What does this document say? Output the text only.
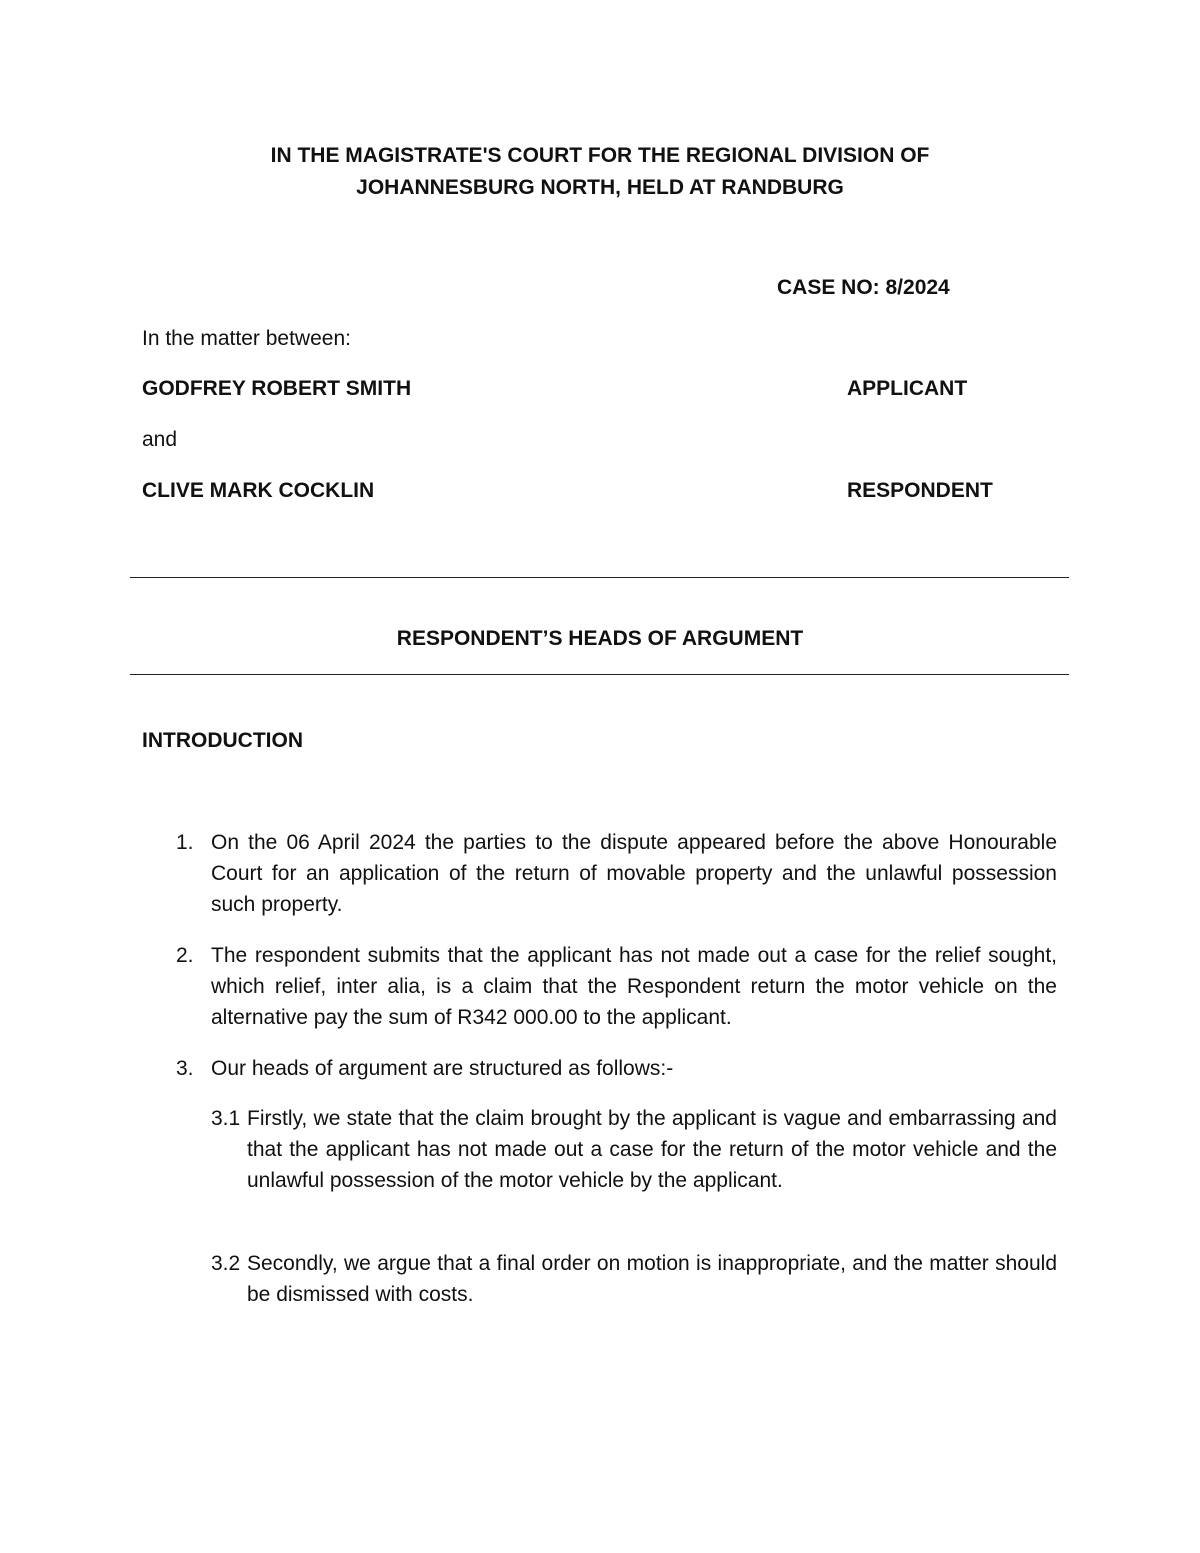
IN THE MAGISTRATE'S COURT FOR THE REGIONAL DIVISION OF
JOHANNESBURG NORTH, HELD AT RANDBURG
CASE NO: 8/2024
In the matter between:
GODFREY ROBERT SMITH	APPLICANT
and
CLIVE MARK COCKLIN	RESPONDENT
RESPONDENT’S HEADS OF ARGUMENT
INTRODUCTION
1. On the 06 April 2024 the parties to the dispute appeared before the above Honourable Court for an application of the return of movable property and the unlawful possession such property.
2. The respondent submits that the applicant has not made out a case for the relief sought, which relief, inter alia, is a claim that the Respondent return the motor vehicle on the alternative pay the sum of R342 000.00 to the applicant.
3. Our heads of argument are structured as follows:-
3.1 Firstly, we state that the claim brought by the applicant is vague and embarrassing and that the applicant has not made out a case for the return of the motor vehicle and the unlawful possession of the motor vehicle by the applicant.
3.2 Secondly, we argue that a final order on motion is inappropriate, and the matter should be dismissed with costs.
